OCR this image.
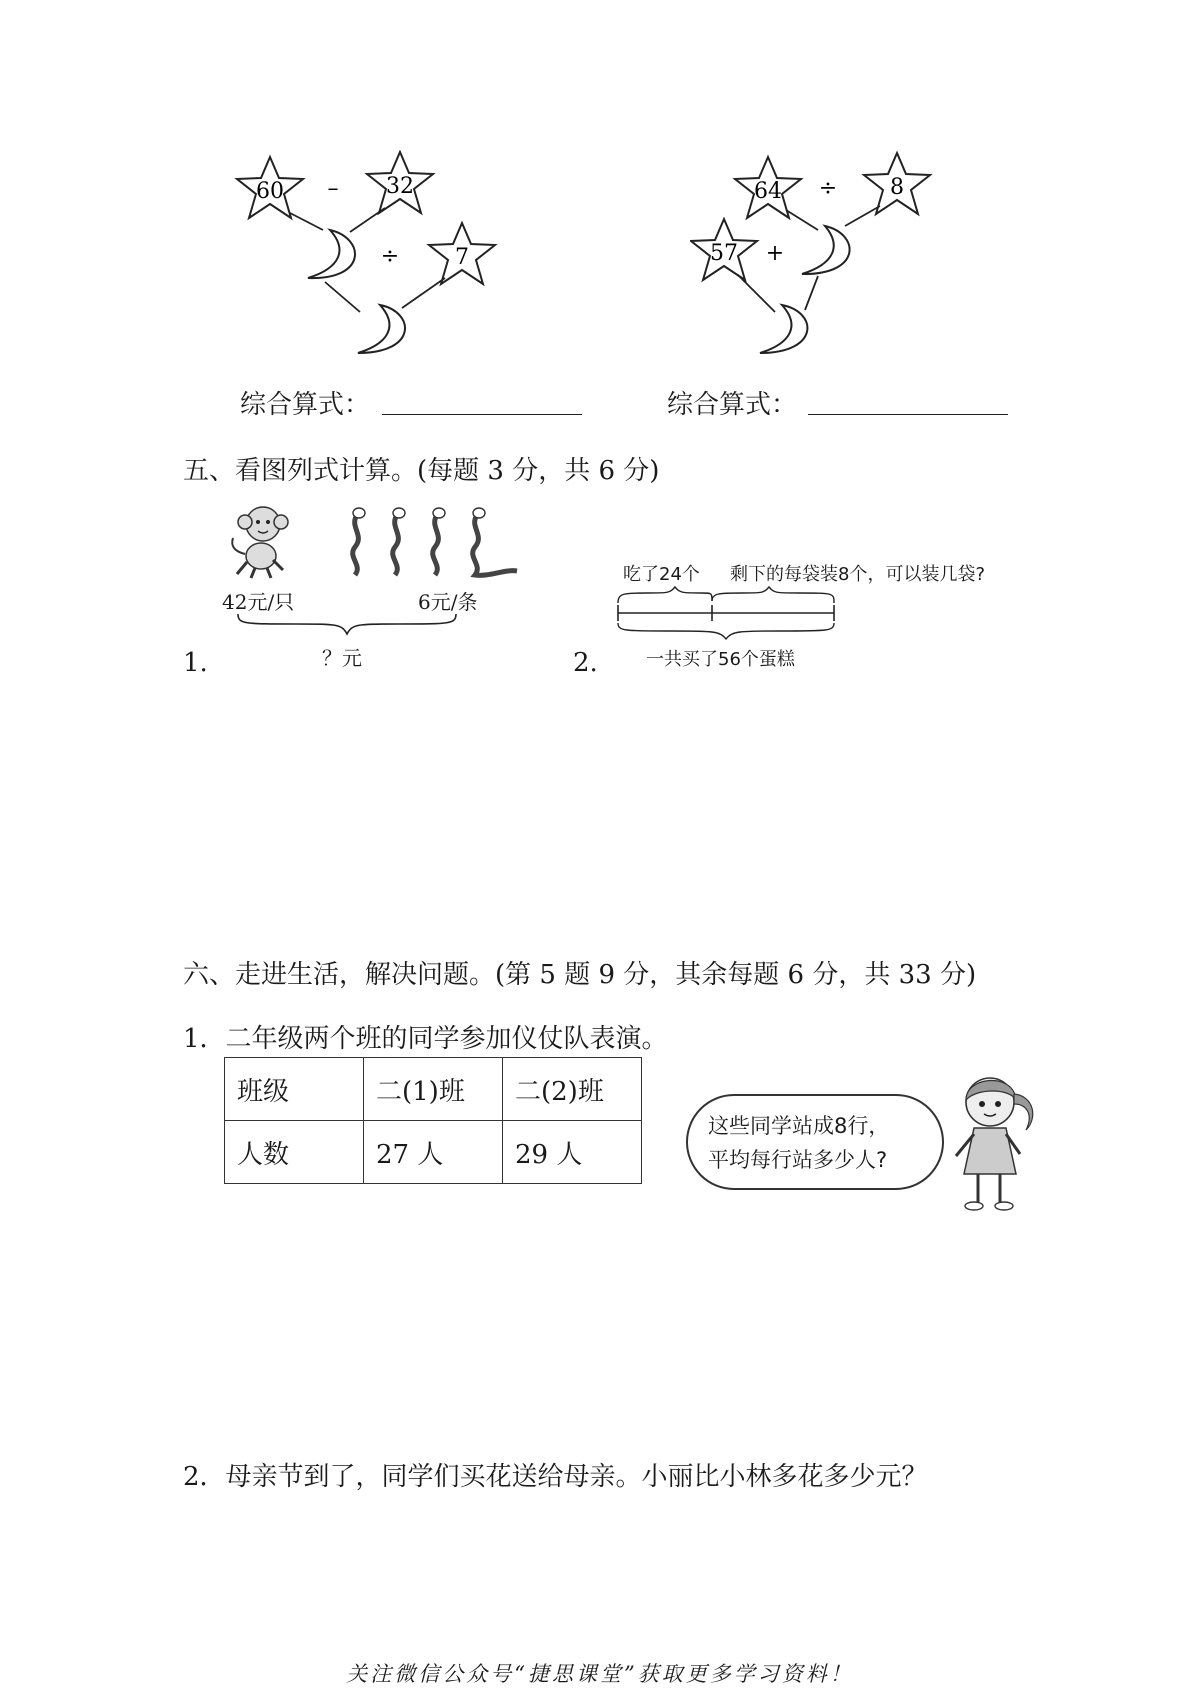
60 – 32
÷	7
64 ÷ 8
57 +
综合算式：	综合算式：
五、看图列式计算。(每题 3 分，共 6 分)
42元/只	6元/条
1.	？元
吃了24个 剩下的每袋装8个，可以装几袋?
2.	一共买了56个蛋糕
六、走进生活，解决问题。(第 5 题 9 分，其余每题 6 分，共 33 分)
1．二年级两个班的同学参加仪仗队表演。
班级	二(1)班	二(2)班
人数	27 人	29 人
这些同学站成8行，
平均每行站多少人?
2．母亲节到了，同学们买花送给母亲。小丽比小林多花多少元？
关注微信公众号“捷思课堂”获取更多学习资料！
